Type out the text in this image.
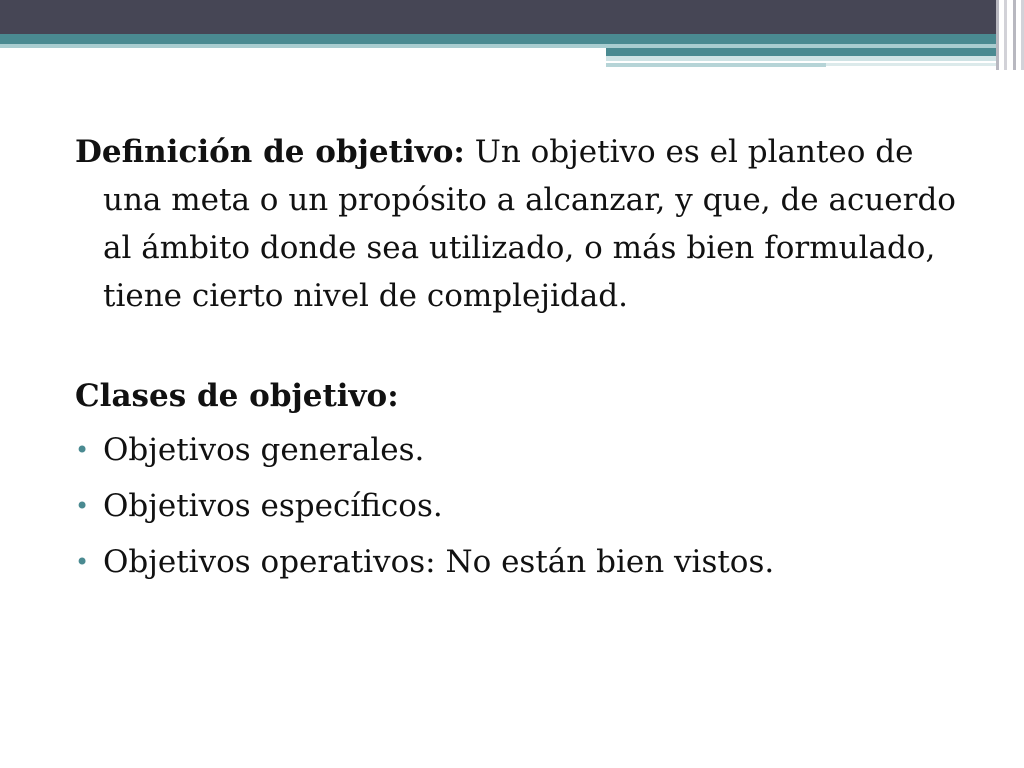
Definición de objetivo: Un objetivo es el planteo de una meta o un propósito a alcanzar, y que, de acuerdo al ámbito donde sea utilizado, o más bien formulado, tiene cierto nivel de complejidad.

Clases de objetivo:

• Objetivos generales.
• Objetivos específicos.
• Objetivos operativos: No están bien vistos.
